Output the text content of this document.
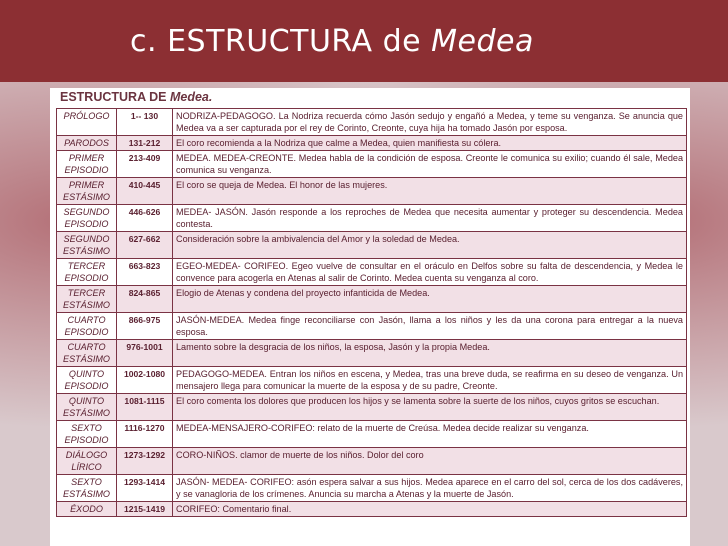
c. ESTRUCTURA de Medea
ESTRUCTURA DE Medea.
PRÓLOGO	1-- 130	NODRIZA-PEDAGOGO. La Nodriza recuerda cómo Jasón sedujo y engañó a Medea, y teme su venganza. Se anuncia que Medea va a ser capturada por el rey de Corinto, Creonte, cuya hija ha tomado Jasón por esposa.
PARODOS	131-212	El coro recomienda a la Nodriza que calme a Medea, quien manifiesta su cólera.
PRIMER EPISODIO	213-409	MEDEA. MEDEA-CREONTE. Medea habla de la condición de esposa. Creonte le comunica su exilio; cuando él sale, Medea comunica su venganza.
PRIMER ESTÁSIMO	410-445	El coro se queja de Medea. El honor de las mujeres.
SEGUNDO EPISODIO	446-626	MEDEA- JASÓN. Jasón responde a los reproches de Medea que necesita aumentar y proteger su descendencia. Medea contesta.
SEGUNDO ESTÁSIMO	627-662	Consideración sobre la ambivalencia del Amor y la soledad de Medea.
TERCER EPISODIO	663-823	EGEO-MEDEA- CORIFEO. Egeo vuelve de consultar en el oráculo en Delfos sobre su falta de descendencia, y Medea le convence para acogerla en Atenas al salir de Corinto. Medea cuenta su venganza al coro.
TERCER ESTÁSIMO	824-865	Elogio de Atenas y condena del proyecto infanticida de Medea.
CUARTO EPISODIO	866-975	JASÓN-MEDEA. Medea finge reconciliarse con Jasón, llama a los niños y les da una corona para entregar a la nueva esposa.
CUARTO ESTÁSIMO	976-1001	Lamento sobre la desgracia de los niños, la esposa, Jasón y la propia Medea.
QUINTO EPISODIO	1002-1080	PEDAGOGO-MEDEA. Entran los niños en escena, y Medea, tras una breve duda, se reafirma en su deseo de venganza. Un mensajero llega para comunicar la muerte de la esposa y de su padre, Creonte.
QUINTO ESTÁSIMO	1081-1115	El coro comenta los dolores que producen los hijos y se lamenta sobre la suerte de los niños, cuyos gritos se escuchan.
SEXTO EPISODIO	1116-1270	MEDEA-MENSAJERO-CORIFEO: relato de la muerte de Creúsa. Medea decide realizar su venganza.
DIÁLOGO LÍRICO	1273-1292	CORO-NIÑOS. clamor de muerte de los niños. Dolor del coro
SEXTO ESTÁSIMO	1293-1414	JASÓN- MEDEA- CORIFEO: asón espera salvar a sus hijos. Medea aparece en el carro del sol, cerca de los dos cadáveres, y se vanagloria de los crímenes. Anuncia su marcha a Atenas y la muerte de Jasón.
ÉXODO	1215-1419	CORIFEO: Comentario final.
